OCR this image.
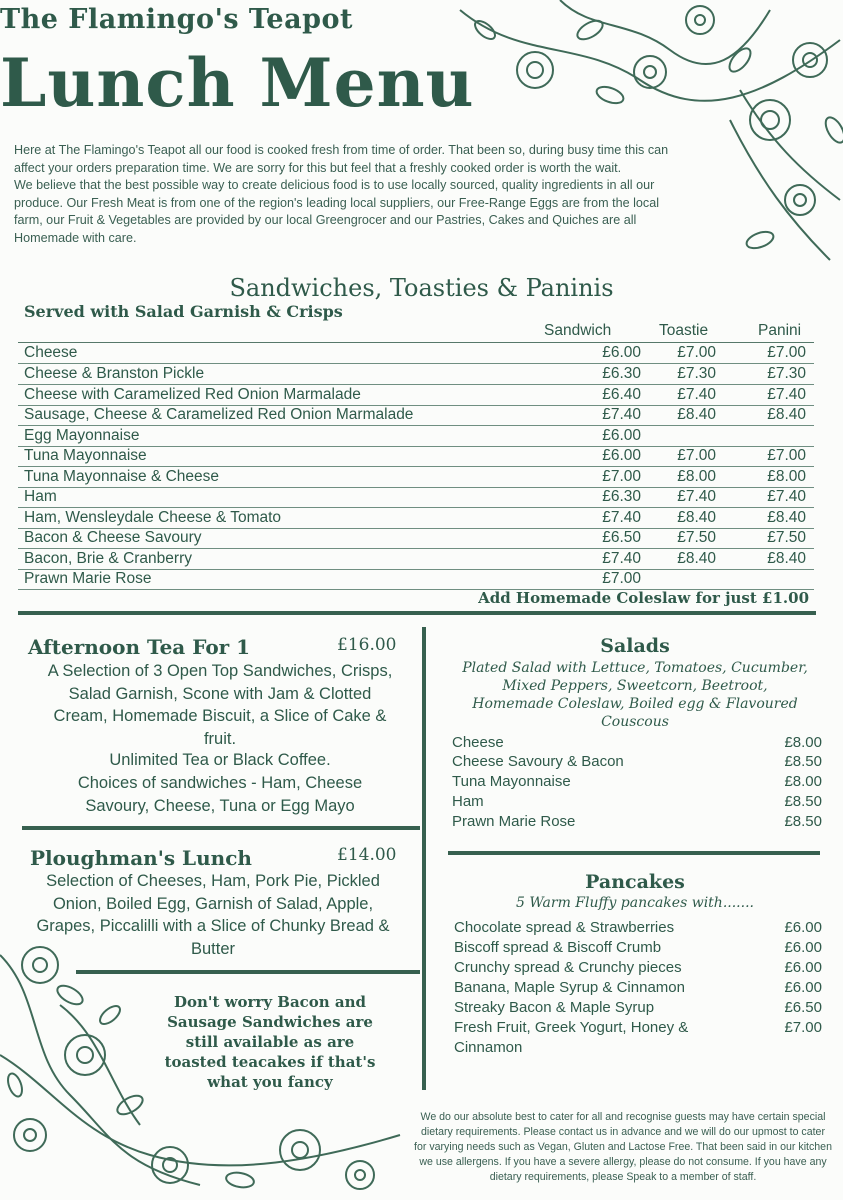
The Flamingo's Teapot
Lunch Menu

Here at The Flamingo's Teapot all our food is cooked fresh from time of order. That been so, during busy time this can affect your orders preparation time. We are sorry for this but feel that a freshly cooked order is worth the wait.

We believe that the best possible way to create delicious food is to use locally sourced, quality ingredients in all our produce. Our Fresh Meat is from one of the region's leading local suppliers, our Free-Range Eggs are from the local farm, our Fruit & Vegetables are provided by our local Greengrocer and our Pastries, Cakes and Quiches are all Homemade with care.

Sandwiches, Toasties & Paninis
Served with Salad Garnish & Crisps
Sandwich	Toastie	Panini
Cheese	£6.00	£7.00	£7.00
Cheese & Branston Pickle	£6.30	£7.30	£7.30
Cheese with Caramelized Red Onion Marmalade	£6.40	£7.40	£7.40
Sausage, Cheese & Caramelized Red Onion Marmalade	£7.40	£8.40	£8.40
Egg Mayonnaise	£6.00
Tuna Mayonnaise	£6.00	£7.00	£7.00
Tuna Mayonnaise & Cheese	£7.00	£8.00	£8.00
Ham	£6.30	£7.40	£7.40
Ham, Wensleydale Cheese & Tomato	£7.40	£8.40	£8.40
Bacon & Cheese Savoury	£6.50	£7.50	£7.50
Bacon, Brie & Cranberry	£7.40	£8.40	£8.40
Prawn Marie Rose	£7.00
Add Homemade Coleslaw for just £1.00
Afternoon Tea For 1	£16.00
A Selection of 3 Open Top Sandwiches, Crisps, Salad Garnish, Scone with Jam & Clotted Cream, Homemade Biscuit, a Slice of Cake & fruit.
Unlimited Tea or Black Coffee.
Choices of sandwiches - Ham, Cheese Savoury, Cheese, Tuna or Egg Mayo
Ploughman's Lunch	£14.00
Selection of Cheeses, Ham, Pork Pie, Pickled Onion, Boiled Egg, Garnish of Salad, Apple, Grapes, Piccalilli with a Slice of Chunky Bread & Butter
Don't worry Bacon and Sausage Sandwiches are still available as are toasted teacakes if that's what you fancy
Salads
Plated Salad with Lettuce, Tomatoes, Cucumber, Mixed Peppers, Sweetcorn, Beetroot, Homemade Coleslaw, Boiled egg & Flavoured Couscous
Cheese	£8.00
Cheese Savoury & Bacon	£8.50
Tuna Mayonnaise	£8.00
Ham	£8.50
Prawn Marie Rose	£8.50
Pancakes
5 Warm Fluffy pancakes with.......
Chocolate spread & Strawberries	£6.00
Biscoff spread & Biscoff Crumb	£6.00
Crunchy spread & Crunchy pieces	£6.00
Banana, Maple Syrup & Cinnamon	£6.00
Streaky Bacon & Maple Syrup	£6.50
Fresh Fruit, Greek Yogurt, Honey &	£7.00
Cinnamon
We do our absolute best to cater for all and recognise guests may have certain special dietary requirements. Please contact us in advance and we will do our upmost to cater for varying needs such as Vegan, Gluten and Lactose Free. That been said in our kitchen we use allergens. If you have a severe allergy, please do not consume. If you have any dietary requirements, please Speak to a member of staff.
